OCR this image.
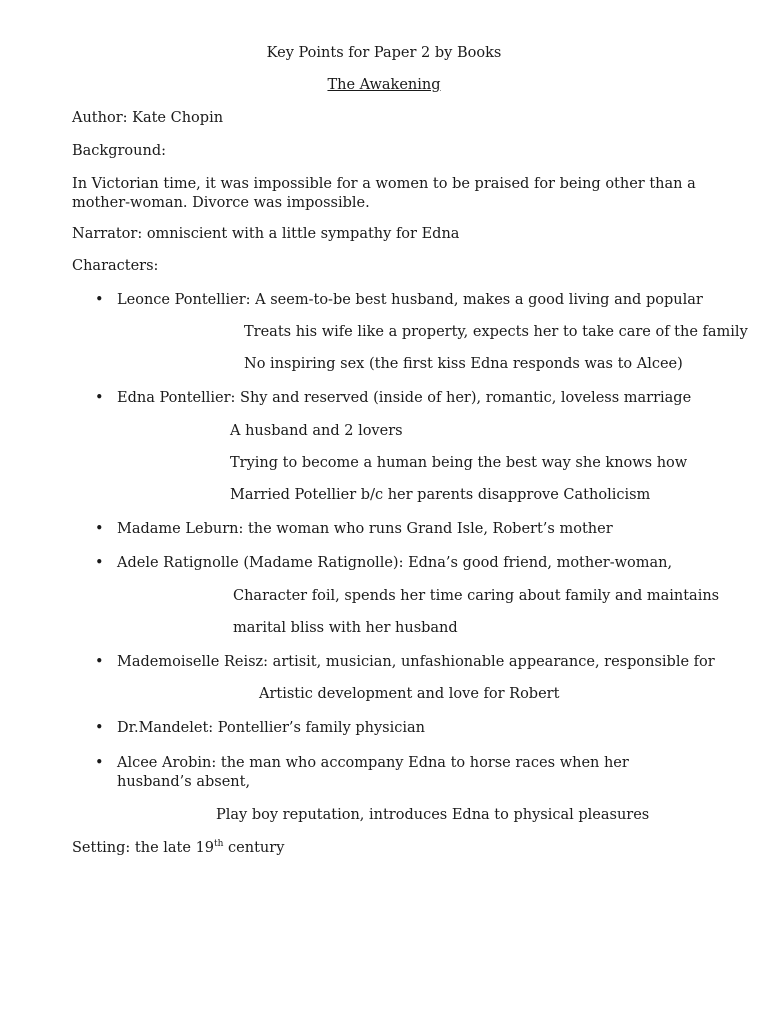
Key Points for Paper 2 by Books
The Awakening
Author: Kate Chopin
Background:
In Victorian time, it was impossible for a women to be praised for being other than a mother-woman. Divorce was impossible.
Narrator: omniscient with a little sympathy for Edna
Characters:
• Leonce Pontellier: A seem-to-be best husband, makes a good living and popular
Treats his wife like a property, expects her to take care of the family
No inspiring sex (the first kiss Edna responds was to Alcee)
• Edna Pontellier: Shy and reserved (inside of her), romantic, loveless marriage
A husband and 2 lovers
Trying to become a human being the best way she knows how
Married Potellier b/c her parents disapprove Catholicism
• Madame Leburn: the woman who runs Grand Isle, Robert’s mother
• Adele Ratignolle (Madame Ratignolle): Edna’s good friend, mother-woman,
Character foil, spends her time caring about family and maintains
marital bliss with her husband
• Mademoiselle Reisz: artisit, musician, unfashionable appearance, responsible for
Artistic development and love for Robert
• Dr.Mandelet: Pontellier’s family physician
• Alcee Arobin: the man who accompany Edna to horse races when her husband’s absent,
Play boy reputation, introduces Edna to physical pleasures
Setting: the late 19th century
